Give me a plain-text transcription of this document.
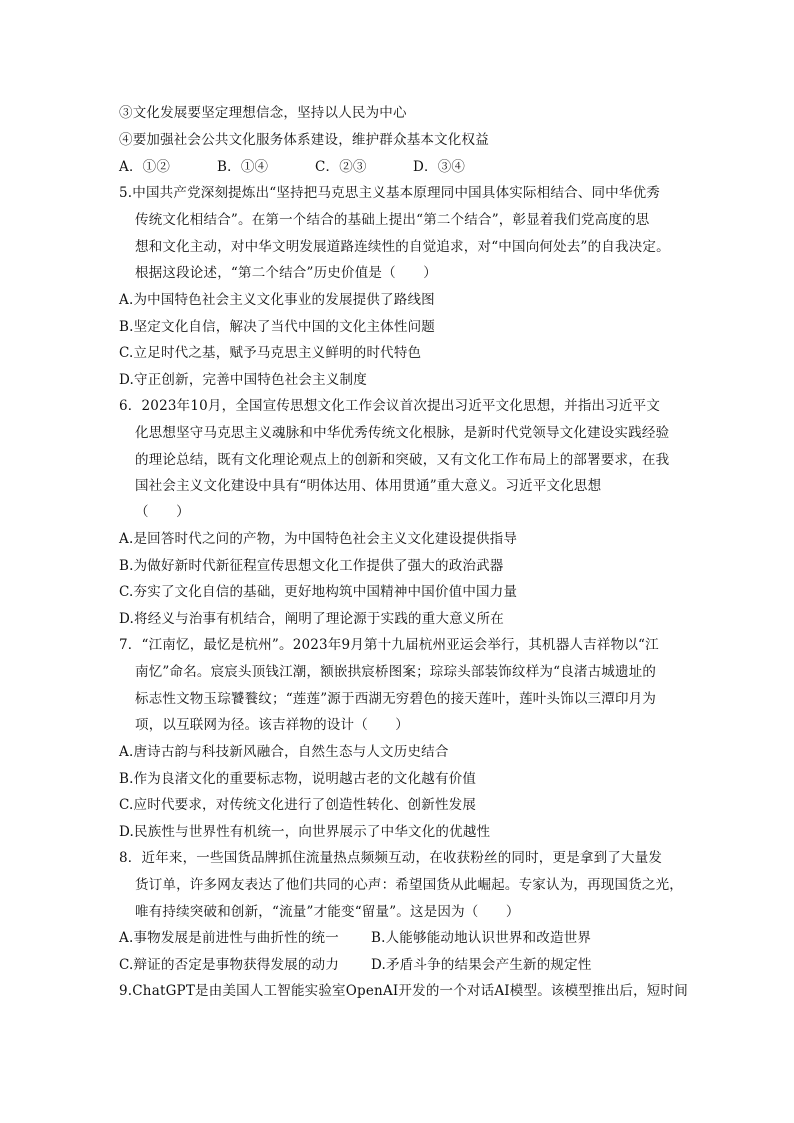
③文化发展要坚定理想信念，坚持以人民为中心
④要加强社会公共文化服务体系建设，维护群众基本文化权益
A．①②	B．①④	C．②③	D．③④
5.中国共产党深刻提炼出“坚持把马克思主义基本原理同中国具体实际相结合、同中华优秀
传统文化相结合”。在第一个结合的基础上提出“第二个结合”，彰显着我们党高度的思
想和文化主动，对中华文明发展道路连续性的自觉追求，对“中国向何处去”的自我决定。
根据这段论述，“第二个结合”历史价值是（　　）
A.为中国特色社会主义文化事业的发展提供了路线图
B.坚定文化自信，解决了当代中国的文化主体性问题
C.立足时代之基，赋予马克思主义鲜明的时代特色
D.守正创新，完善中国特色社会主义制度
6．2023年10月，全国宣传思想文化工作会议首次提出习近平文化思想，并指出习近平文
化思想坚守马克思主义魂脉和中华优秀传统文化根脉，是新时代党领导文化建设实践经验
的理论总结，既有文化理论观点上的创新和突破，又有文化工作布局上的部署要求，在我
国社会主义文化建设中具有“明体达用、体用贯通”重大意义。习近平文化思想
（　　）
A.是回答时代之问的产物，为中国特色社会主义文化建设提供指导
B.为做好新时代新征程宣传思想文化工作提供了强大的政治武器
C.夯实了文化自信的基础，更好地构筑中国精神中国价值中国力量
D.将经义与治事有机结合，阐明了理论源于实践的重大意义所在
7．“江南忆，最忆是杭州”。2023年9月第十九届杭州亚运会举行，其机器人吉祥物以“江
南忆”命名。宸宸头顶钱江潮，额嵌拱宸桥图案；琮琮头部装饰纹样为“良渚古城遗址的
标志性文物玉琮饕餮纹；“莲莲”源于西湖无穷碧色的接天莲叶，莲叶头饰以三潭印月为
项，以互联网为径。该吉祥物的设计（　　）
A.唐诗古韵与科技新风融合，自然生态与人文历史结合
B.作为良渚文化的重要标志物，说明越古老的文化越有价值
C.应时代要求，对传统文化进行了创造性转化、创新性发展
D.民族性与世界性有机统一，向世界展示了中华文化的优越性
8．近年来，一些国货品牌抓住流量热点频频互动，在收获粉丝的同时，更是拿到了大量发
货订单，许多网友表达了他们共同的心声：希望国货从此崛起。专家认为，再现国货之光，
唯有持续突破和创新，“流量”才能变“留量”。这是因为（　　）
A.事物发展是前进性与曲折性的统一 B.人能够能动地认识世界和改造世界
C.辩证的否定是事物获得发展的动力 D.矛盾斗争的结果会产生新的规定性
9.ChatGPT是由美国人工智能实验室OpenAI开发的一个对话AI模型。该模型推出后，短时间
